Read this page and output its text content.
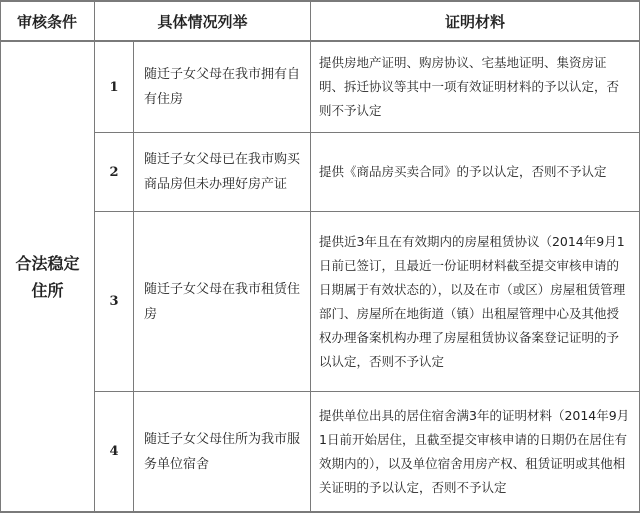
审核条件	具体情况列举	证明材料
合法稳定
住所
1
随迁子女父母在我市拥有自有住房
提供房地产证明、购房协议、宅基地证明、集资房证明、拆迁协议等其中一项有效证明材料的予以认定，否则不予认定
2
随迁子女父母已在我市购买商品房但未办理好房产证
提供《商品房买卖合同》的予以认定，否则不予认定
3
随迁子女父母在我市租赁住房
提供近3年且在有效期内的房屋租赁协议（2014年9月1日前已签订，且最近一份证明材料截至提交审核申请的日期属于有效状态的），以及在市（或区）房屋租赁管理部门、房屋所在地街道（镇）出租屋管理中心及其他授权办理备案机构办理了房屋租赁协议备案登记证明的予以认定，否则不予认定
4
随迁子女父母住所为我市服务单位宿舍
提供单位出具的居住宿舍满3年的证明材料（2014年9月1日前开始居住，且截至提交审核申请的日期仍在居住有效期内的），以及单位宿舍用房产权、租赁证明或其他相关证明的予以认定，否则不予认定
